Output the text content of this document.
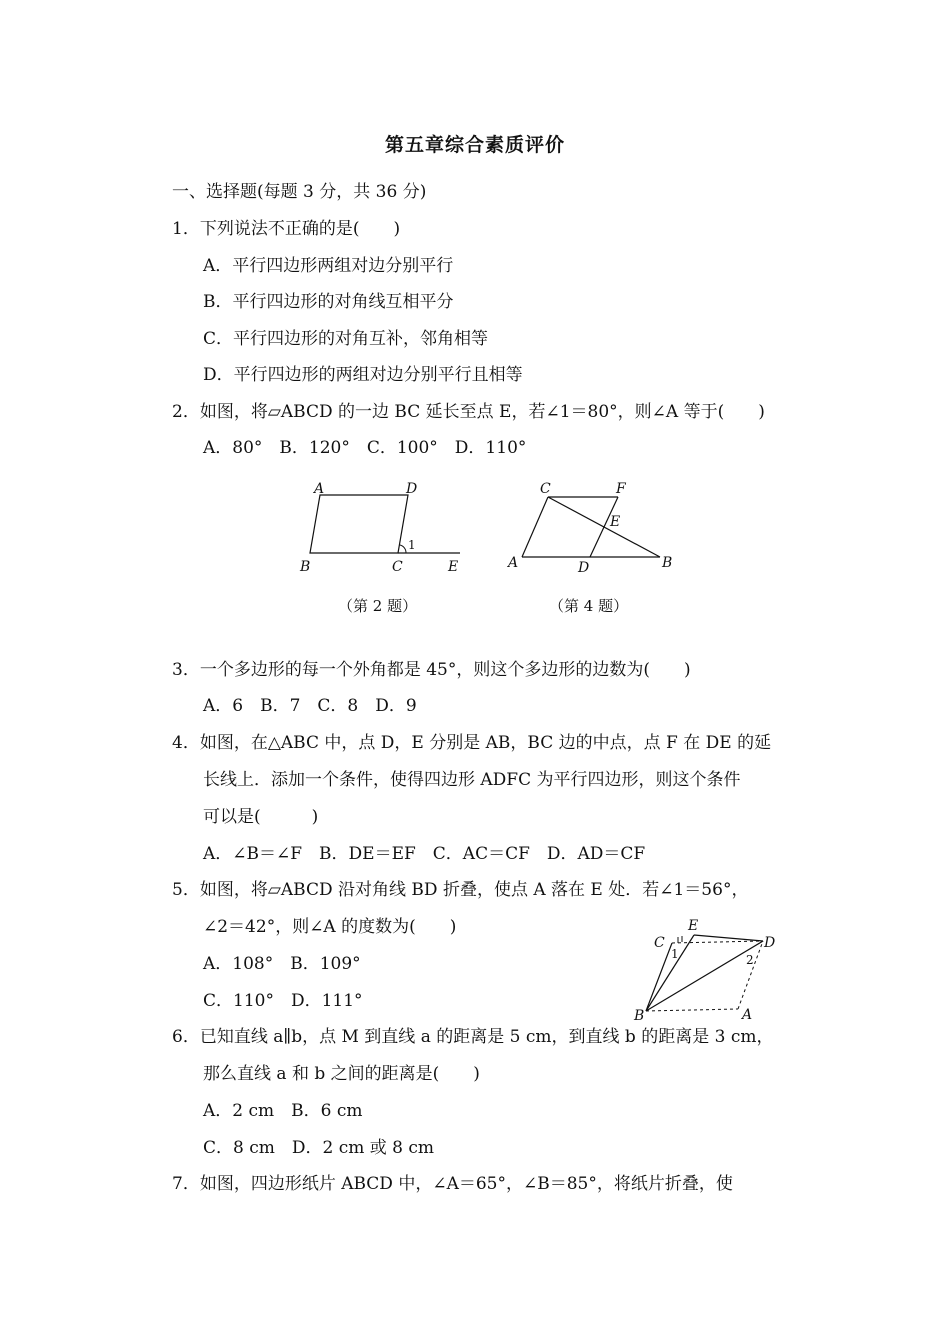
第五章综合素质评价
一、选择题(每题 3 分，共 36 分)
1．下列说法不正确的是(　　)
A．平行四边形两组对边分别平行
B．平行四边形的对角线互相平分
C．平行四边形的对角互补，邻角相等
D．平行四边形的两组对边分别平行且相等
2．如图，将▱ABCD 的一边 BC 延长至点 E，若∠1＝80°，则∠A 等于(　　)
A．80°　B．120°　C．100°　D．110°
A	D
B	C	E
1
（第 2 题）
C	F
E
A	D	B
（第 4 题）
3．一个多边形的每一个外角都是 45°，则这个多边形的边数为(　　)
A．6　B．7　C．8　D．9
4．如图，在△ABC 中，点 D，E 分别是 AB，BC 边的中点，点 F 在 DE 的延
长线上．添加一个条件，使得四边形 ADFC 为平行四边形，则这个条件
可以是(　　　)
A．∠B＝∠F　B．DE＝EF　C．AC＝CF　D．AD＝CF
5．如图，将▱ABCD 沿对角线 BD 折叠，使点 A 落在 E 处．若∠1＝56°，
∠2＝42°，则∠A 的度数为(　　)
A．108°　B．109°
C．110°　D．111°
E
C	D
B	A
1	2
6．已知直线 a∥b，点 M 到直线 a 的距离是 5 cm，到直线 b 的距离是 3 cm，
那么直线 a 和 b 之间的距离是(　　)
A．2 cm　B．6 cm
C．8 cm　D．2 cm 或 8 cm
7．如图，四边形纸片 ABCD 中，∠A＝65°，∠B＝85°，将纸片折叠，使
